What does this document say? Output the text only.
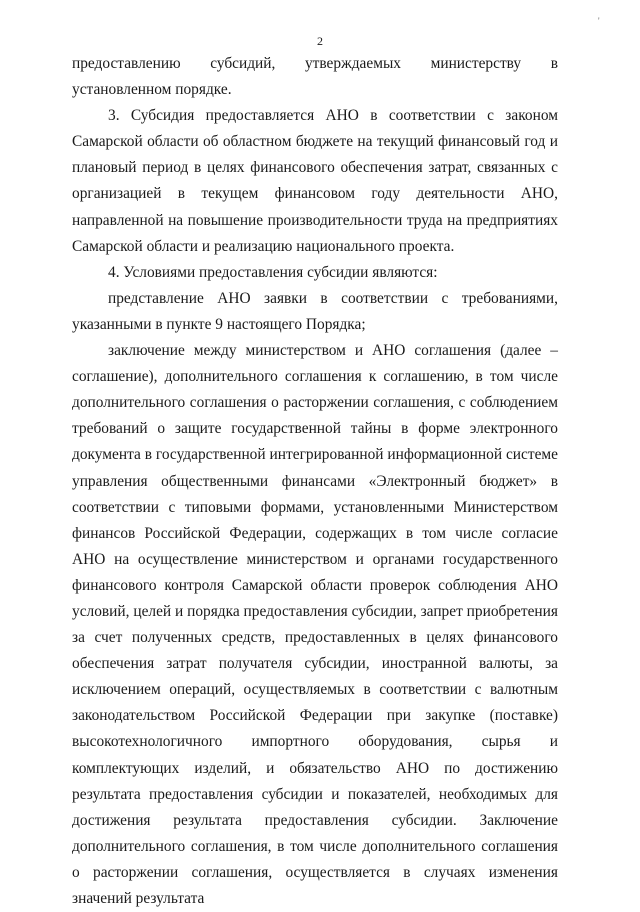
'
2

предоставлению субсидий, утверждаемых министерству в установленном порядке.

3. Субсидия предоставляется АНО в соответствии с законом Самарской области об областном бюджете на текущий финансовый год и плановый период в целях финансового обеспечения затрат, связанных с организацией в текущем финансовом году деятельности АНО, направленной на повышение производительности труда на предприятиях Самарской области и реализацию национального проекта.

4. Условиями предоставления субсидии являются:

представление АНО заявки в соответствии с требованиями, указанными в пункте 9 настоящего Порядка;

заключение между министерством и АНО соглашения (далее – соглашение), дополнительного соглашения к соглашению, в том числе дополнительного соглашения о расторжении соглашения, с соблюдением требований о защите государственной тайны в форме электронного документа в государственной интегрированной информационной системе управления общественными финансами «Электронный бюджет» в соответствии с типовыми формами, установленными Министерством финансов Российской Федерации, содержащих в том числе согласие АНО на осуществление министерством и органами государственного финансового контроля Самарской области проверок соблюдения АНО условий, целей и порядка предоставления субсидии, запрет приобретения за счет полученных средств, предоставленных в целях финансового обеспечения затрат получателя субсидии, иностранной валюты, за исключением операций, осуществляемых в соответствии с валютным законодательством Российской Федерации при закупке (поставке) высокотехнологичного импортного оборудования, сырья и комплектующих изделий, и обязательство АНО по достижению результата предоставления субсидии и показателей, необходимых для достижения результата предоставления субсидии. Заключение дополнительного соглашения, в том числе дополнительного соглашения о расторжении соглашения, осуществляется в случаях изменения значений результата
